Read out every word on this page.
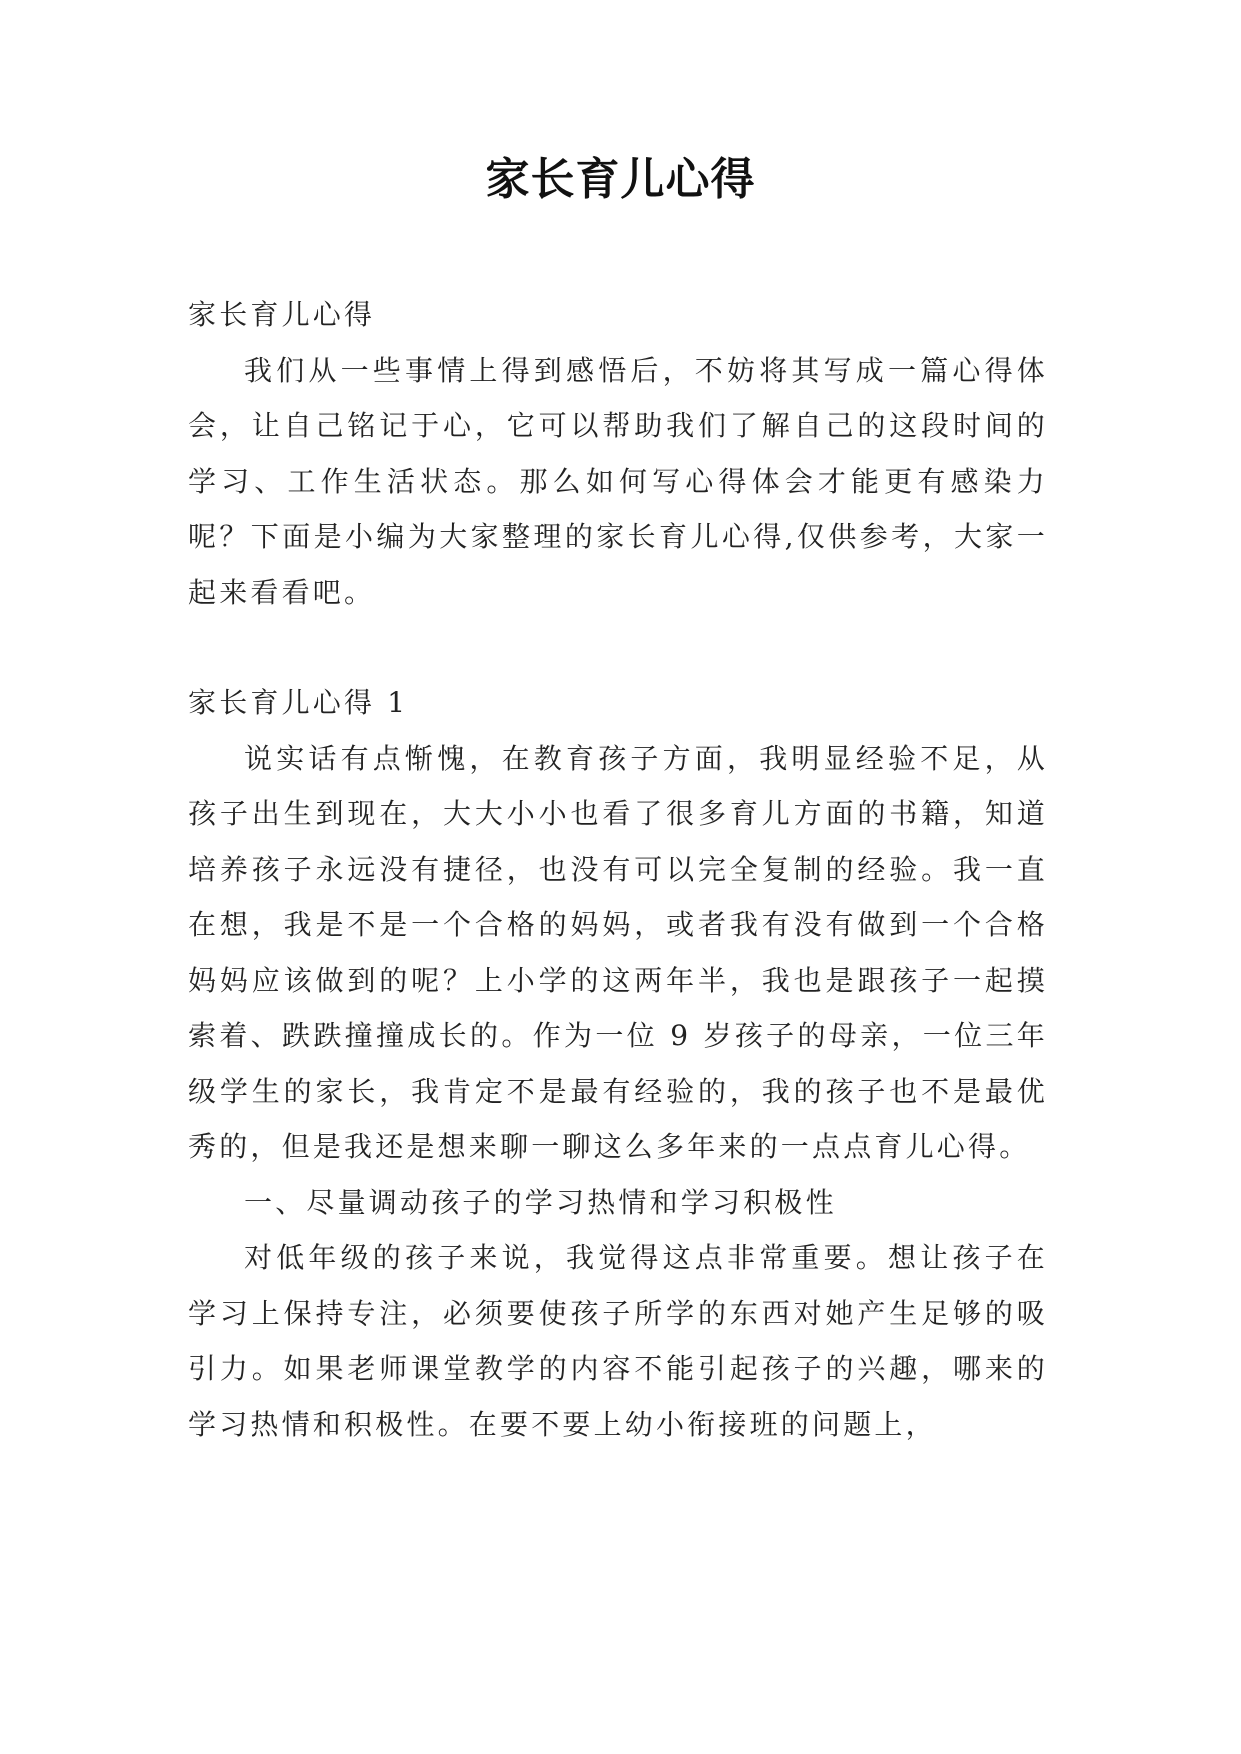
家长育儿心得

家长育儿心得

我们从一些事情上得到感悟后，不妨将其写成一篇心得体会，让自己铭记于心，它可以帮助我们了解自己的这段时间的学习、工作生活状态。那么如何写心得体会才能更有感染力呢？下面是小编为大家整理的家长育儿心得,仅供参考，大家一起来看看吧。

家长育儿心得 1

说实话有点惭愧，在教育孩子方面，我明显经验不足，从孩子出生到现在，大大小小也看了很多育儿方面的书籍，知道培养孩子永远没有捷径，也没有可以完全复制的经验。我一直在想，我是不是一个合格的妈妈，或者我有没有做到一个合格妈妈应该做到的呢？上小学的这两年半，我也是跟孩子一起摸索着、跌跌撞撞成长的。作为一位 9 岁孩子的母亲，一位三年级学生的家长，我肯定不是最有经验的，我的孩子也不是最优秀的，但是我还是想来聊一聊这么多年来的一点点育儿心得。

一、尽量调动孩子的学习热情和学习积极性

对低年级的孩子来说，我觉得这点非常重要。想让孩子在学习上保持专注，必须要使孩子所学的东西对她产生足够的吸引力。如果老师课堂教学的内容不能引起孩子的兴趣，哪来的学习热情和积极性。在要不要上幼小衔接班的问题上，
